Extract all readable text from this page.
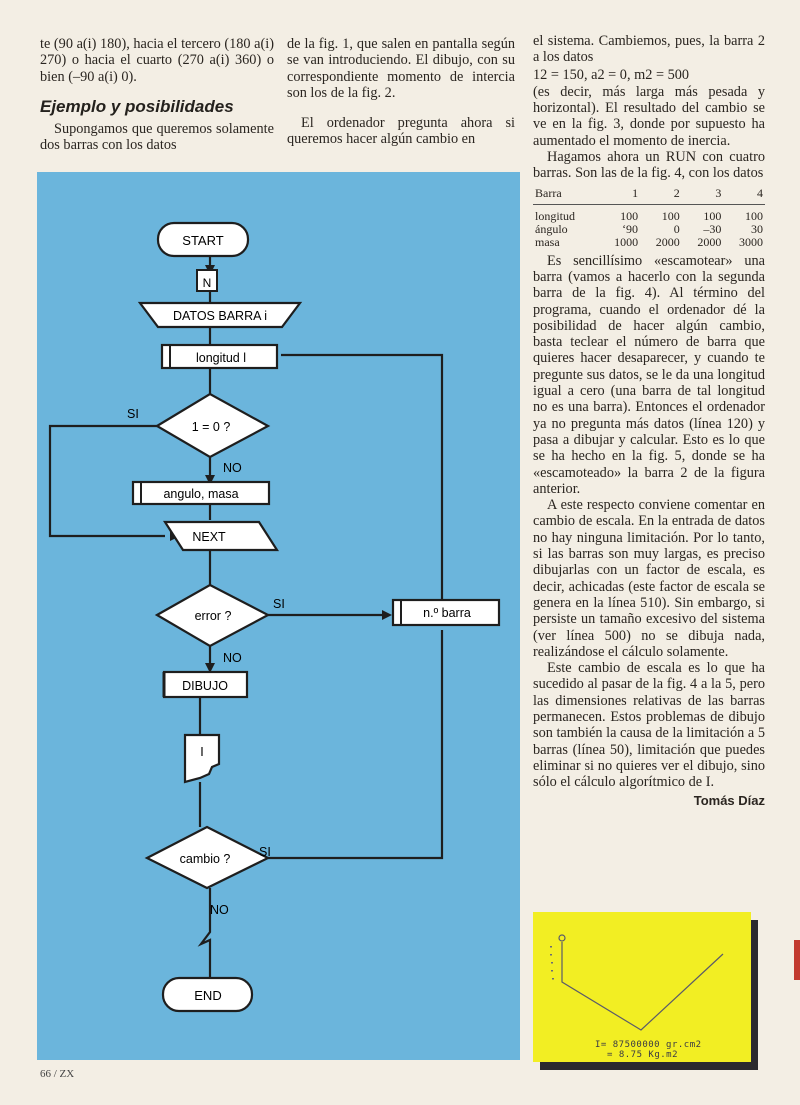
te (90 a(i) 180), hacia el tercero (180 a(i) 270) o hacia el cuarto (270 a(i) 360) o bien (–90 a(i) 0).

Ejemplo y posibilidades

Supongamos que queremos solamente dos barras con los datos

de la fig. 1, que salen en pantalla según se van introduciendo. El dibujo, con su correspondiente momento de intercia son los de la fig. 2.

El ordenador pregunta ahora si queremos hacer algún cambio en

el sistema. Cambiemos, pues, la barra 2 a los datos

12 = 150, a2 = 0, m2 = 500

(es decir, más larga más pesada y horizontal). El resultado del cambio se ve en la fig. 3, donde por supuesto ha aumentado el momento de inercia.

Hagamos ahora un RUN con cuatro barras. Son las de la fig. 4, con los datos

Barra	1	2	3	4
longitud	100	100	100	100
ángulo	‘90	0	–30	30
masa	1000	2000	2000	3000

Es sencillísimo «escamotear» una barra (vamos a hacerlo con la segunda barra de la fig. 4). Al término del programa, cuando el ordenador dé la posibilidad de hacer algún cambio, basta teclear el número de barra que quieres hacer desaparecer, y cuando te pregunte sus datos, se le da una longitud igual a cero (una barra de tal longitud no es una barra). Entonces el ordenador ya no pregunta más datos (línea 120) y pasa a dibujar y calcular. Esto es lo que se ha hecho en la fig. 5, donde se ha «escamoteado» la barra 2 de la figura anterior.

A este respecto conviene comentar en cambio de escala. En la entrada de datos no hay ninguna limitación. Por lo tanto, si las barras son muy largas, es preciso dibujarlas con un factor de escala, es decir, achicadas (este factor de escala se genera en la línea 510). Sin embargo, si persiste un tamaño excesivo del sistema (ver línea 500) no se dibuja nada, realizándose el cálculo solamente.

Este cambio de escala es lo que ha sucedido al pasar de la fig. 4 a la 5, pero las dimensiones relativas de las barras permanecen. Estos problemas de dibujo son también la causa de la limitación a 5 barras (línea 50), limitación que puedes eliminar si no quieres ver el dibujo, sino sólo el cálculo algorítmico de I.

Tomás Díaz
START
N
DATOS BARRA i
longitud l
1 = 0 ?
SI
NO
angulo, masa
NEXT
error ?
SI
NO
n.º barra
DIBUJO
I
cambio ? SI
NO
END
I= 87500000 gr.cm2
= 8.75 Kg.m2
66 / ZX
